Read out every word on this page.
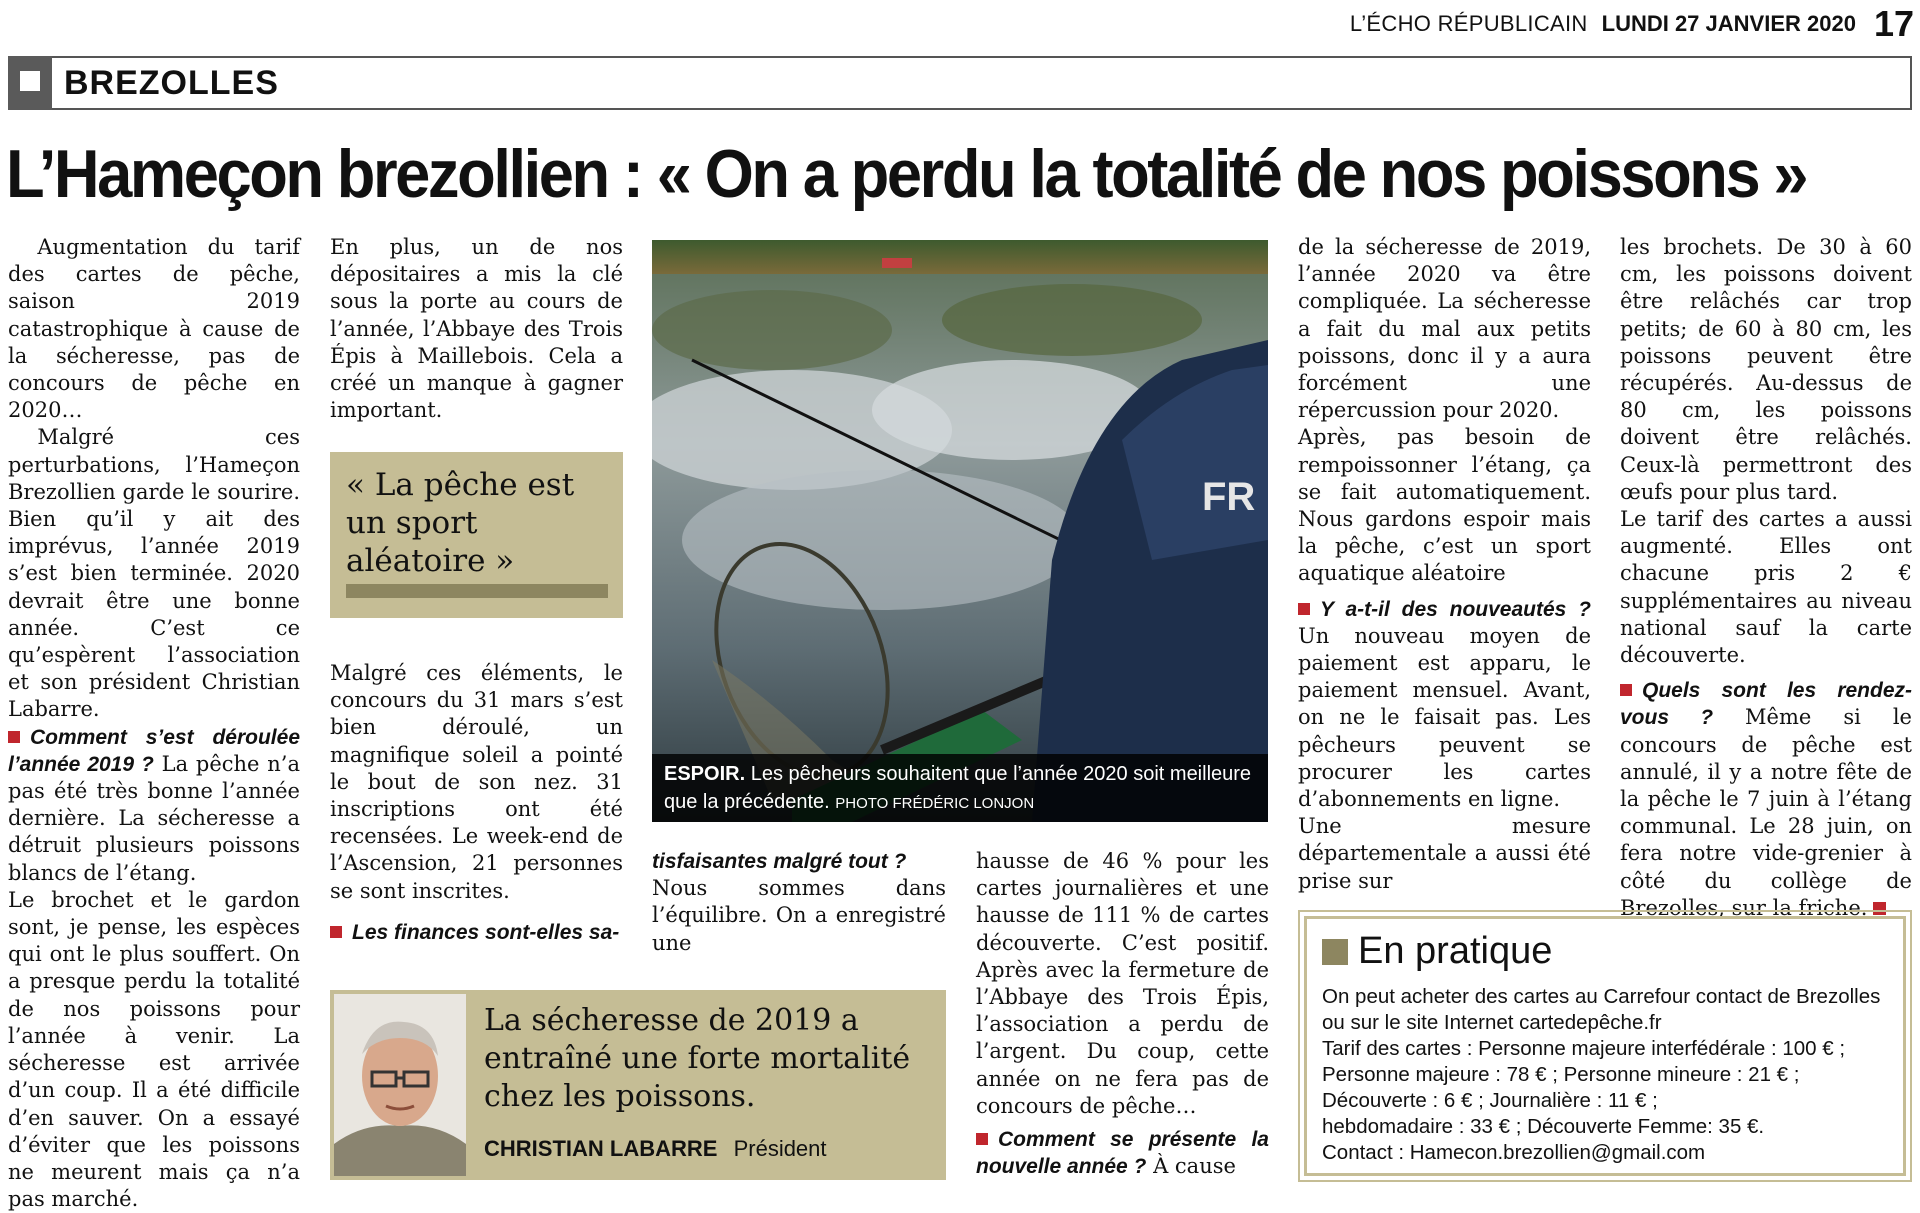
L’ÉCHO RÉPUBLICAIN LUNDI 27 JANVIER 2020 17
BREZOLLES
L’Hameçon brezollien : « On a perdu la totalité de nos poissons »

Augmentation du tarif des cartes de pêche, saison 2019 catastrophique à cause de la sécheresse, pas de concours de pêche en 2020…

Malgré ces perturbations, l’Hameçon Brezollien garde le sourire. Bien qu’il y ait des imprévus, l’année 2019 s’est bien terminée. 2020 devrait être une bonne année. C’est ce qu’espèrent l’association et son président Christian Labarre.

Comment s’est déroulée l’année 2019 ? La pêche n’a pas été très bonne l’année dernière. La sécheresse a détruit plusieurs poissons blancs de l’étang.

Le brochet et le gardon sont, je pense, les espèces qui ont le plus souffert. On a presque perdu la totalité de nos poissons pour l’année à venir. La sécheresse est arrivée d’un coup. Il a été difficile d’en sauver. On a essayé d’éviter que les poissons ne meurent mais ça n’a pas marché.

En plus, un de nos dépositaires a mis la clé sous la porte au cours de l’année, l’Abbaye des Trois Épis à Maillebois. Cela a créé un manque à gagner important.

« La pêche est un sport aléatoire »

Malgré ces éléments, le concours du 31 mars s’est bien déroulé, un magnifique soleil a pointé le bout de son nez. 31 inscriptions ont été recensées. Le week-end de l’Ascension, 21 personnes se sont inscrites.

Les finances sont-elles sa-

FR
ESPOIR. Les pêcheurs souhaitent que l’année 2020 soit meilleure que la précédente. PHOTO FRÉDÉRIC LONJON

tisfaisantes malgré tout ?

Nous sommes dans l’équilibre. On a enregistré une

hausse de 46 % pour les cartes journalières et une hausse de 111 % de cartes découverte. C’est positif. Après avec la fermeture de l’Abbaye des Trois Épis, l’association a perdu de l’argent. Du coup, cette année on ne fera pas de concours de pêche…

Comment se présente la nouvelle année ? À cause

La sécheresse de 2019 a entraîné une forte mortalité chez les poissons.
CHRISTIAN LABARRE Président

de la sécheresse de 2019, l’année 2020 va être compliquée. La sécheresse a fait du mal aux petits poissons, donc il y a aura forcément une répercussion pour 2020.

Après, pas besoin de rempoissonner l’étang, ça se fait automatiquement. Nous gardons espoir mais la pêche, c’est un sport aquatique aléatoire

Y a-t-il des nouveautés ? Un nouveau moyen de paiement est apparu, le paiement mensuel. Avant, on ne le faisait pas. Les pêcheurs peuvent se procurer les cartes d’abonnements en ligne.

Une mesure départementale a aussi été prise sur

les brochets. De 30 à 60 cm, les poissons doivent être relâchés car trop petits; de 60 à 80 cm, les poissons peuvent être récupérés. Au-dessus de 80 cm, les poissons doivent être relâchés. Ceux-là permettront des œufs pour plus tard.

Le tarif des cartes a aussi augmenté. Elles ont chacune pris 2 € supplémentaires au niveau national sauf la carte découverte.

Quels sont les rendez-vous ? Même si le concours de pêche est annulé, il y a notre fête de la pêche le 7 juin à l’étang communal. Le 28 juin, on fera notre vide-grenier à côté du collège de Brezolles, sur la friche.

En pratique

On peut acheter des cartes au Carrefour contact de Brezolles

ou sur le site Internet cartedepêche.fr

Tarif des cartes : Personne majeure interfédérale : 100 € ;

Personne majeure : 78 € ; Personne mineure : 21 € ;

Découverte : 6 € ; Journalière : 11 € ;

hebdomadaire : 33 € ; Découverte Femme: 35 €.

Contact : Hamecon.brezollien@gmail.com
